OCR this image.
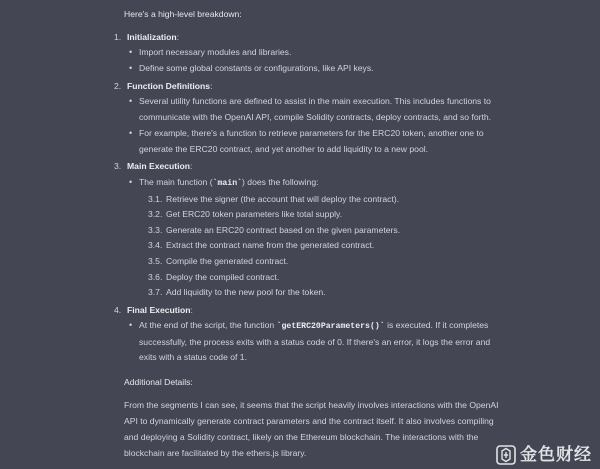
Here's a high-level breakdown:
1. Initialization:
• Import necessary modules and libraries.
• Define some global constants or configurations, like API keys.
2. Function Definitions:
• Several utility functions are defined to assist in the main execution. This includes functions to communicate with the OpenAI API, compile Solidity contracts, deploy contracts, and so forth.
• For example, there's a function to retrieve parameters for the ERC20 token, another one to generate the ERC20 contract, and yet another to add liquidity to a new pool.
3. Main Execution:
• The main function (`main`) does the following:
3.1. Retrieve the signer (the account that will deploy the contract).
3.2. Get ERC20 token parameters like total supply.
3.3. Generate an ERC20 contract based on the given parameters.
3.4. Extract the contract name from the generated contract.
3.5. Compile the generated contract.
3.6. Deploy the compiled contract.
3.7. Add liquidity to the new pool for the token.
4. Final Execution:
• At the end of the script, the function `getERC20Parameters()` is executed. If it completes successfully, the process exits with a status code of 0. If there's an error, it logs the error and exits with a status code of 1.
Additional Details:
From the segments I can see, it seems that the script heavily involves interactions with the OpenAI API to dynamically generate contract parameters and the contract itself. It also involves compiling and deploying a Solidity contract, likely on the Ethereum blockchain. The interactions with the blockchain are facilitated by the ethers.js library.	金色财经
